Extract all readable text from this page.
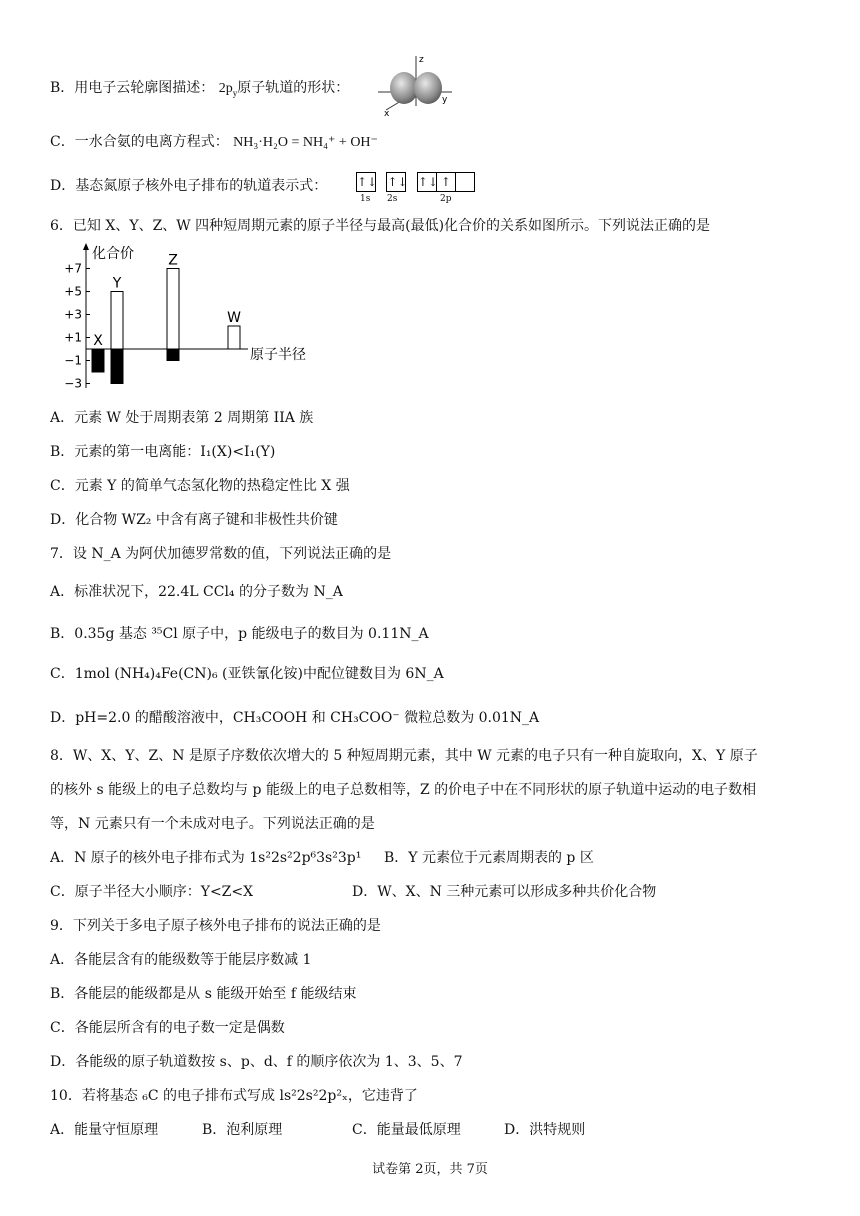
B．用电子云轮廓图描述： $2p_y$原子轨道的形状：
z
y
x
C．一水合氨的电离方程式： NH₃·H₂O = NH₄⁺ + OH⁻
D．基态氮原子核外电子排布的轨道表示式： ↑↓ ↑↓ ↑↓ ↑
1s 2s	2p
6．已知 X、Y、Z、W 四种短周期元素的原子半径与最高(最低)化合价的关系如图所示。下列说法正确的是
+7
+5
+3
+1
−1
−3
化合价
原子半径
X
Y
Z
W
A．元素 W 处于周期表第 2 周期第 IIA 族
B．元素的第一电离能：I₁(X)<I₁(Y)
C．元素 Y 的简单气态氢化物的热稳定性比 X 强
D．化合物 WZ₂ 中含有离子键和非极性共价键
7．设 N_A 为阿伏加德罗常数的值，下列说法正确的是
A．标准状况下，22.4L CCl₄ 的分子数为 N_A
B．0.35g 基态 ³⁵Cl 原子中，p 能级电子的数目为 0.11N_A
C．1mol (NH₄)₄Fe(CN)₆ (亚铁氰化铵)中配位键数目为 6N_A
D．pH=2.0 的醋酸溶液中，CH₃COOH 和 CH₃COO⁻ 微粒总数为 0.01N_A
8．W、X、Y、Z、N 是原子序数依次增大的 5 种短周期元素，其中 W 元素的电子只有一种自旋取向，X、Y 原子
的核外 s 能级上的电子总数均与 p 能级上的电子总数相等，Z 的价电子中在不同形状的原子轨道中运动的电子数相
等，N 元素只有一个未成对电子。下列说法正确的是
A．N 原子的核外电子排布式为 1s²2s²2p⁶3s²3p¹ B．Y 元素位于元素周期表的 p 区
C．原子半径大小顺序：Y<Z<X	D．W、X、N 三种元素可以形成多种共价化合物
9．下列关于多电子原子核外电子排布的说法正确的是
A．各能层含有的能级数等于能层序数减 1
B．各能层的能级都是从 s 能级开始至 f 能级结束
C．各能层所含有的电子数一定是偶数
D．各能级的原子轨道数按 s、p、d、f 的顺序依次为 1、3、5、7
10．若将基态 ₆C 的电子排布式写成 ls²2s²2p²ₓ，它违背了
A．能量守恒原理	B．泡利原理	C．能量最低原理	D．洪特规则
试卷第 2页，共 7页
